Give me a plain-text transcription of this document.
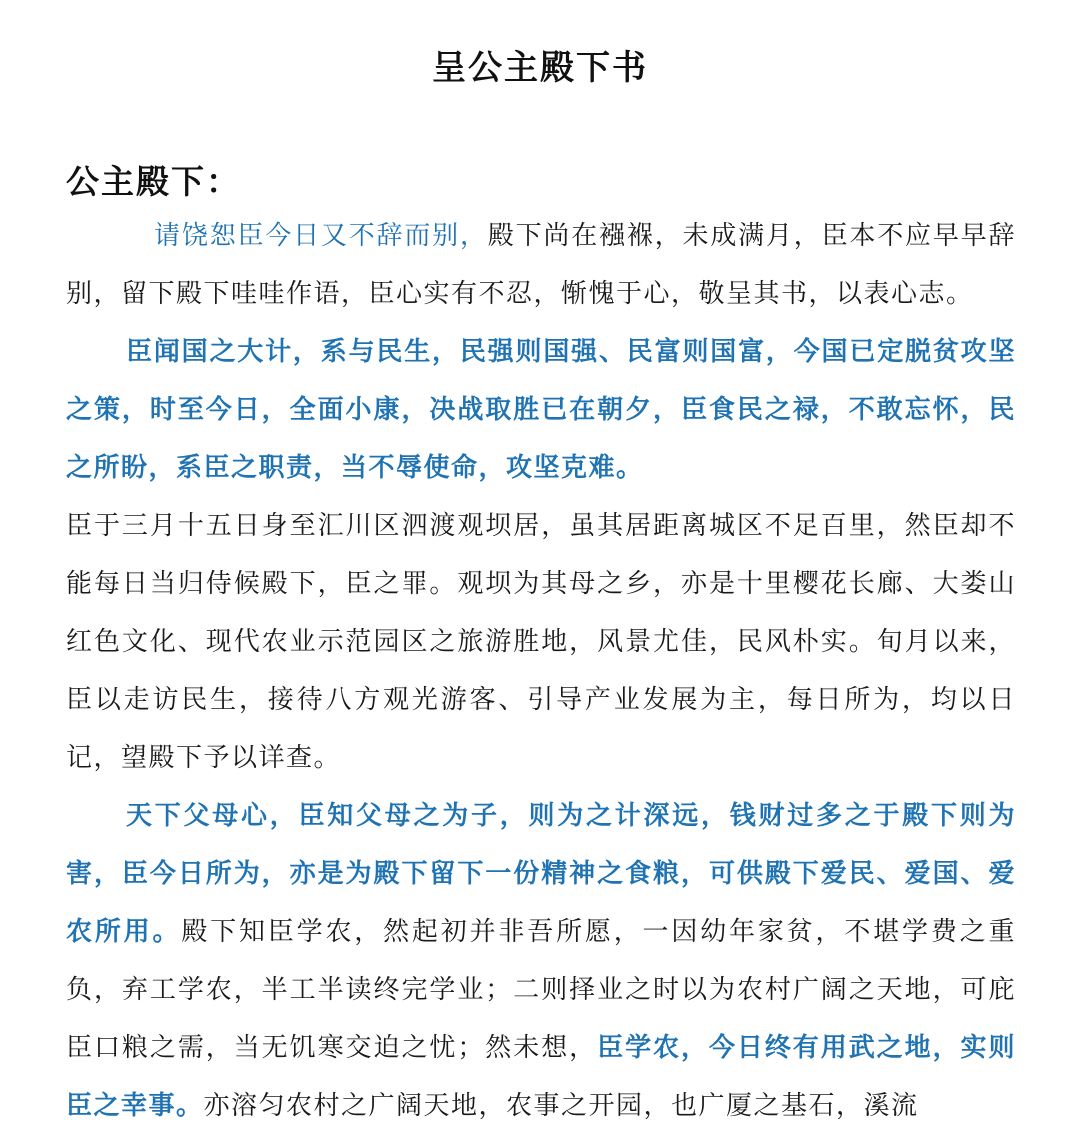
呈公主殿下书
公主殿下：

请饶恕臣今日又不辞而别，殿下尚在襁褓，未成满月，臣本不应早早辞别，留下殿下哇哇作语，臣心实有不忍，惭愧于心，敬呈其书，以表心志。

臣闻国之大计，系与民生，民强则国强、民富则国富，今国已定脱贫攻坚之策，时至今日，全面小康，决战取胜已在朝夕，臣食民之禄，不敢忘怀，民之所盼，系臣之职责，当不辱使命，攻坚克难。

臣于三月十五日身至汇川区泗渡观坝居，虽其居距离城区不足百里，然臣却不能每日当归侍候殿下，臣之罪。观坝为其母之乡，亦是十里樱花长廊、大娄山红色文化、现代农业示范园区之旅游胜地，风景尤佳，民风朴实。旬月以来，臣以走访民生，接待八方观光游客、引导产业发展为主，每日所为，均以日记，望殿下予以详查。

天下父母心，臣知父母之为子，则为之计深远，钱财过多之于殿下则为害，臣今日所为，亦是为殿下留下一份精神之食粮，可供殿下爱民、爱国、爱农所用。殿下知臣学农，然起初并非吾所愿，一因幼年家贫，不堪学费之重负，弃工学农，半工半读终完学业；二则择业之时以为农村广阔之天地，可庇臣口粮之需，当无饥寒交迫之忧；然未想，臣学农，今日终有用武之地，实则臣之幸事。亦溶匀农村之广阔天地，农事之开园，也广厦之基石，溪流
